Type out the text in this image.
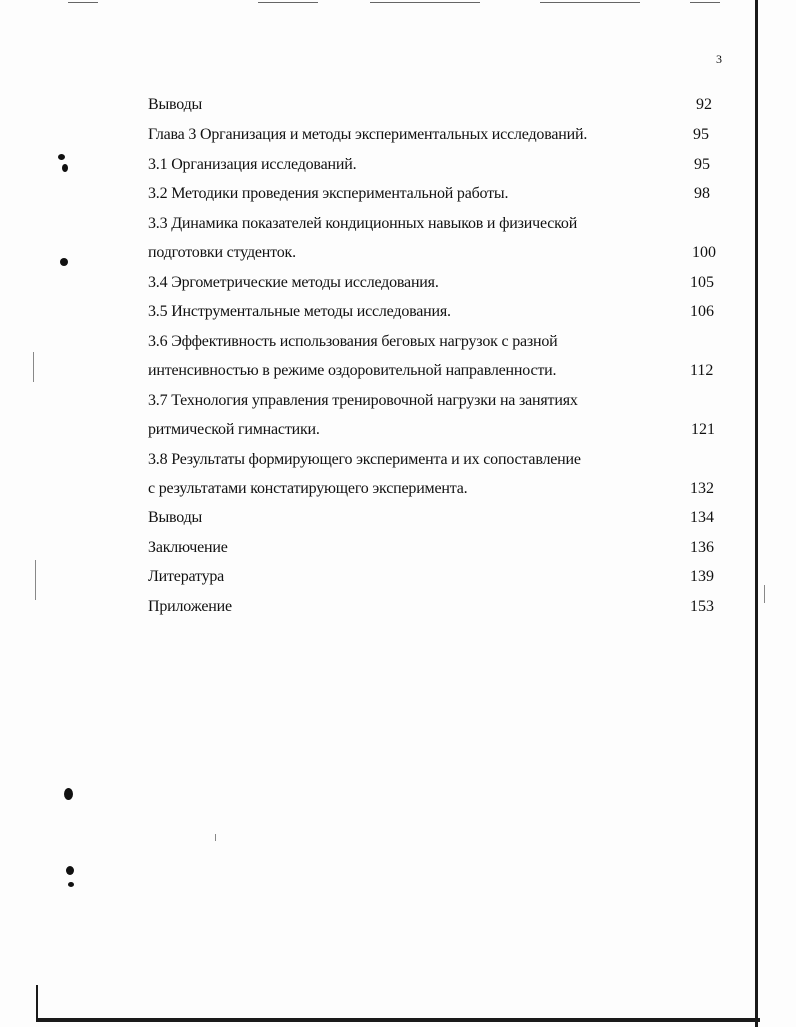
3
Выводы	92
Глава 3 Организация и методы экспериментальных исследований.	95
3.1 Организация исследований.	95
3.2 Методики проведения экспериментальной работы.	98
3.3 Динамика показателей кондиционных навыков и физической
подготовки студенток.	100
3.4 Эргометрические методы исследования.	105
3.5 Инструментальные методы исследования.	106
3.6 Эффективность использования беговых нагрузок с разной
интенсивностью в режиме оздоровительной направленности.	112
3.7 Технология управления тренировочной нагрузки на занятиях
ритмической гимнастики.	121
3.8 Результаты формирующего эксперимента и их сопоставление
с результатами констатирующего эксперимента.	132
Выводы	134
Заключение	136
Литература	139
Приложение	153
